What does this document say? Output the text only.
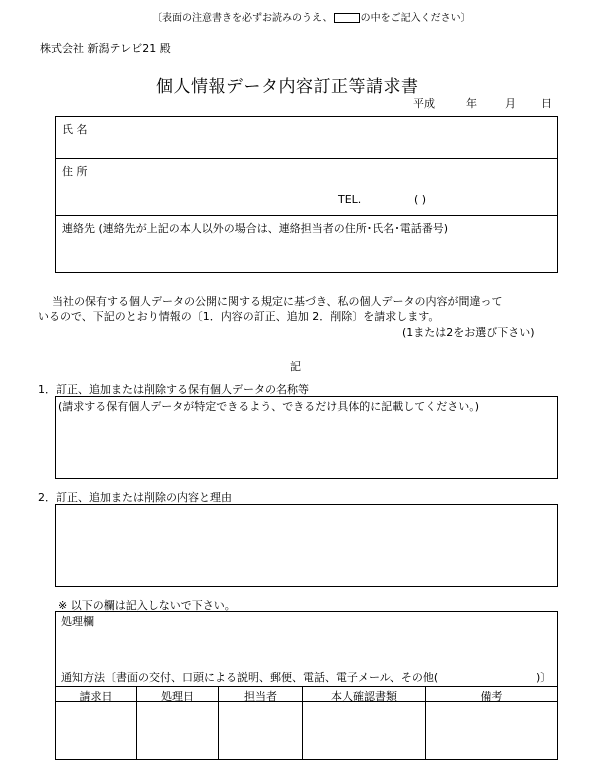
〔表面の注意書きを必ずお読みのうえ、	の中をご記入ください〕
株式会社 新潟テレビ21 殿
個人情報データ内容訂正等請求書
平成	年	月 日
氏 名
住 所
TEL.	( )
連絡先 (連絡先が上記の本人以外の場合は、連絡担当者の住所･氏名･電話番号)
当社の保有する個人データの公開に関する規定に基づき、私の個人データの内容が間違って
いるので、下記のとおり情報の〔1．内容の訂正、追加 2．削除〕を請求します。
(1または2をお選び下さい)
記
1．訂正、追加または削除する保有個人データの名称等
(請求する保有個人データが特定できるよう、できるだけ具体的に記載してください。)
2．訂正、追加または削除の内容と理由
※ 以下の欄は記入しないで下さい。
処理欄
通知方法〔書面の交付、口頭による説明、郵便、電話、電子メール、その他(	)〕
請求日	処理日	担当者	本人確認書類	備考
